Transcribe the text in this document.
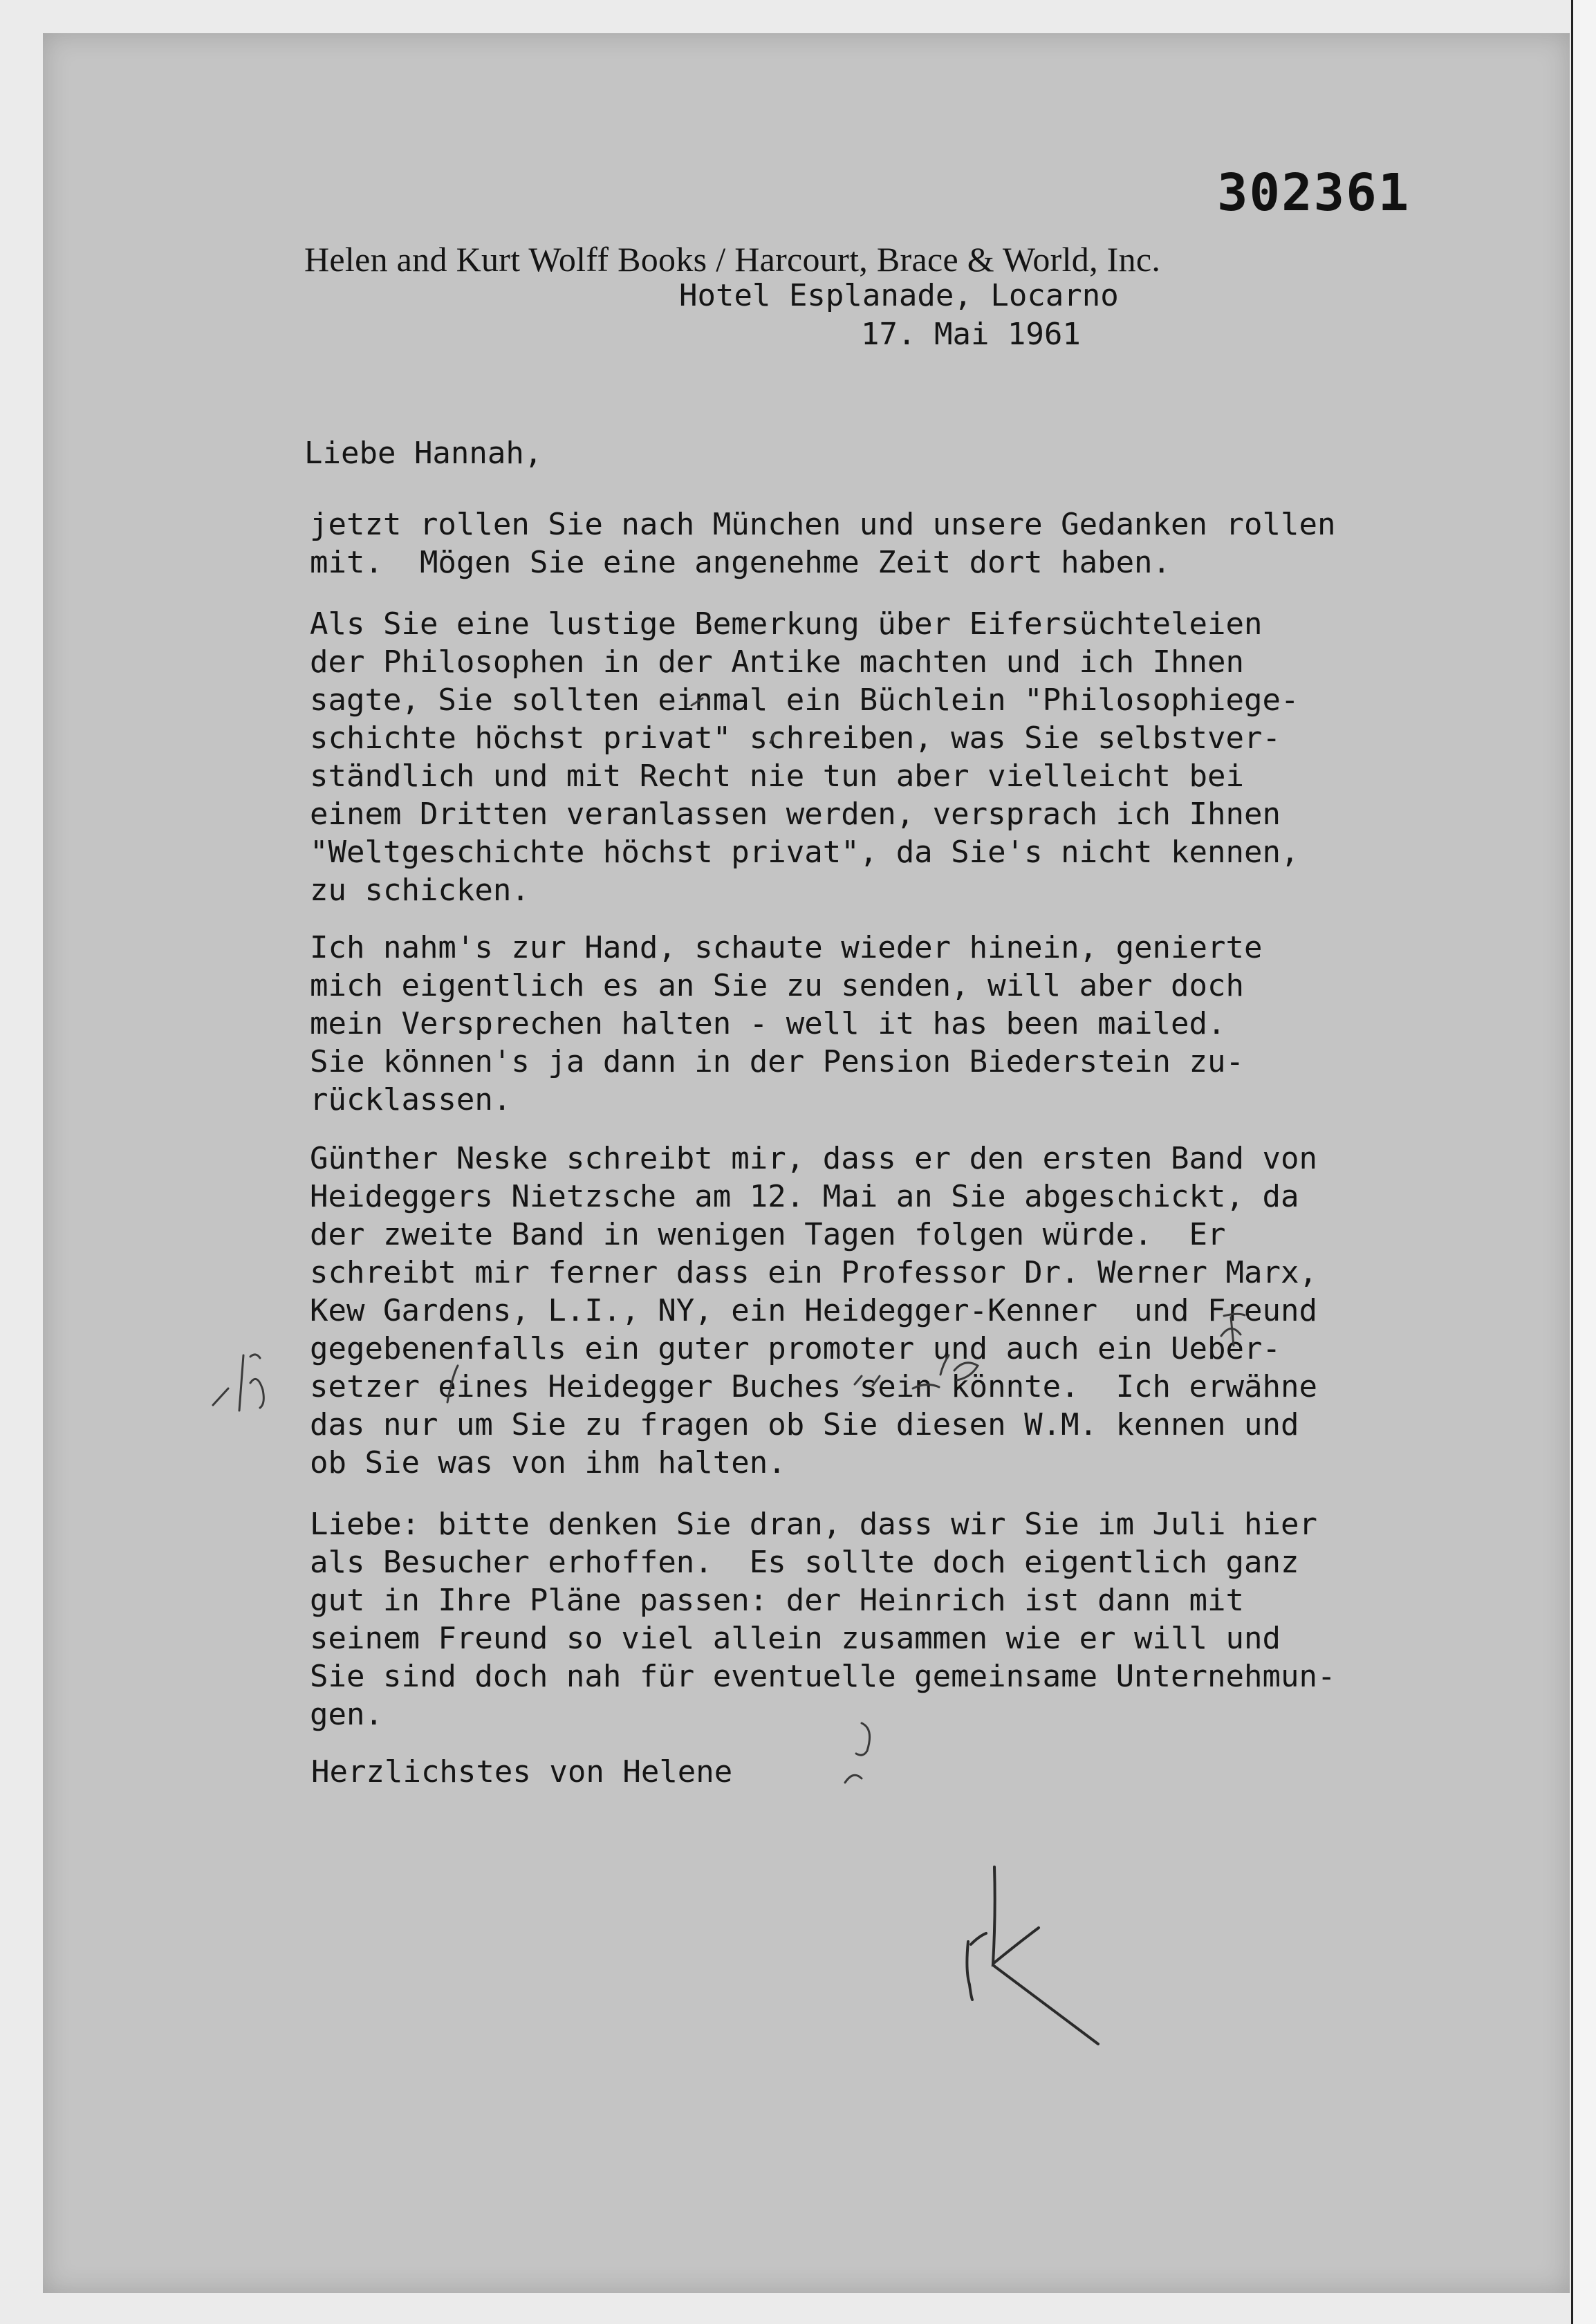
302361
Helen and Kurt Wolff Books / Harcourt, Brace & World, Inc.
Hotel Esplanade, Locarno
17. Mai 1961
Liebe Hannah,
jetzt rollen Sie nach München und unsere Gedanken rollen
mit.  Mögen Sie eine angenehme Zeit dort haben.
Als Sie eine lustige Bemerkung über Eifersüchteleien
der Philosophen in der Antike machten und ich Ihnen
sagte, Sie sollten einmal ein Büchlein "Philosophiege-
schichte höchst privat" schreiben, was Sie selbstver-
ständlich und mit Recht nie tun aber vielleicht bei
einem Dritten veranlassen werden, versprach ich Ihnen
"Weltgeschichte höchst privat", da Sie's nicht kennen,
zu schicken.
Ich nahm's zur Hand, schaute wieder hinein, genierte
mich eigentlich es an Sie zu senden, will aber doch
mein Versprechen halten - well it has been mailed.
Sie können's ja dann in der Pension Biederstein zu-
rücklassen.
Günther Neske schreibt mir, dass er den ersten Band von
Heideggers Nietzsche am 12. Mai an Sie abgeschickt, da
der zweite Band in wenigen Tagen folgen würde.  Er
schreibt mir ferner dass ein Professor Dr. Werner Marx,
Kew Gardens, L.I., NY, ein Heidegger-Kenner  und Freund
gegebenenfalls ein guter promoter und auch ein Ueber-
setzer eines Heidegger Buches sein könnte.  Ich erwähne
das nur um Sie zu fragen ob Sie diesen W.M. kennen und
ob Sie was von ihm halten.
Liebe: bitte denken Sie dran, dass wir Sie im Juli hier
als Besucher erhoffen.  Es sollte doch eigentlich ganz
gut in Ihre Pläne passen: der Heinrich ist dann mit
seinem Freund so viel allein zusammen wie er will und
Sie sind doch nah für eventuelle gemeinsame Unternehmun-
gen.
Herzlichstes von Helene
